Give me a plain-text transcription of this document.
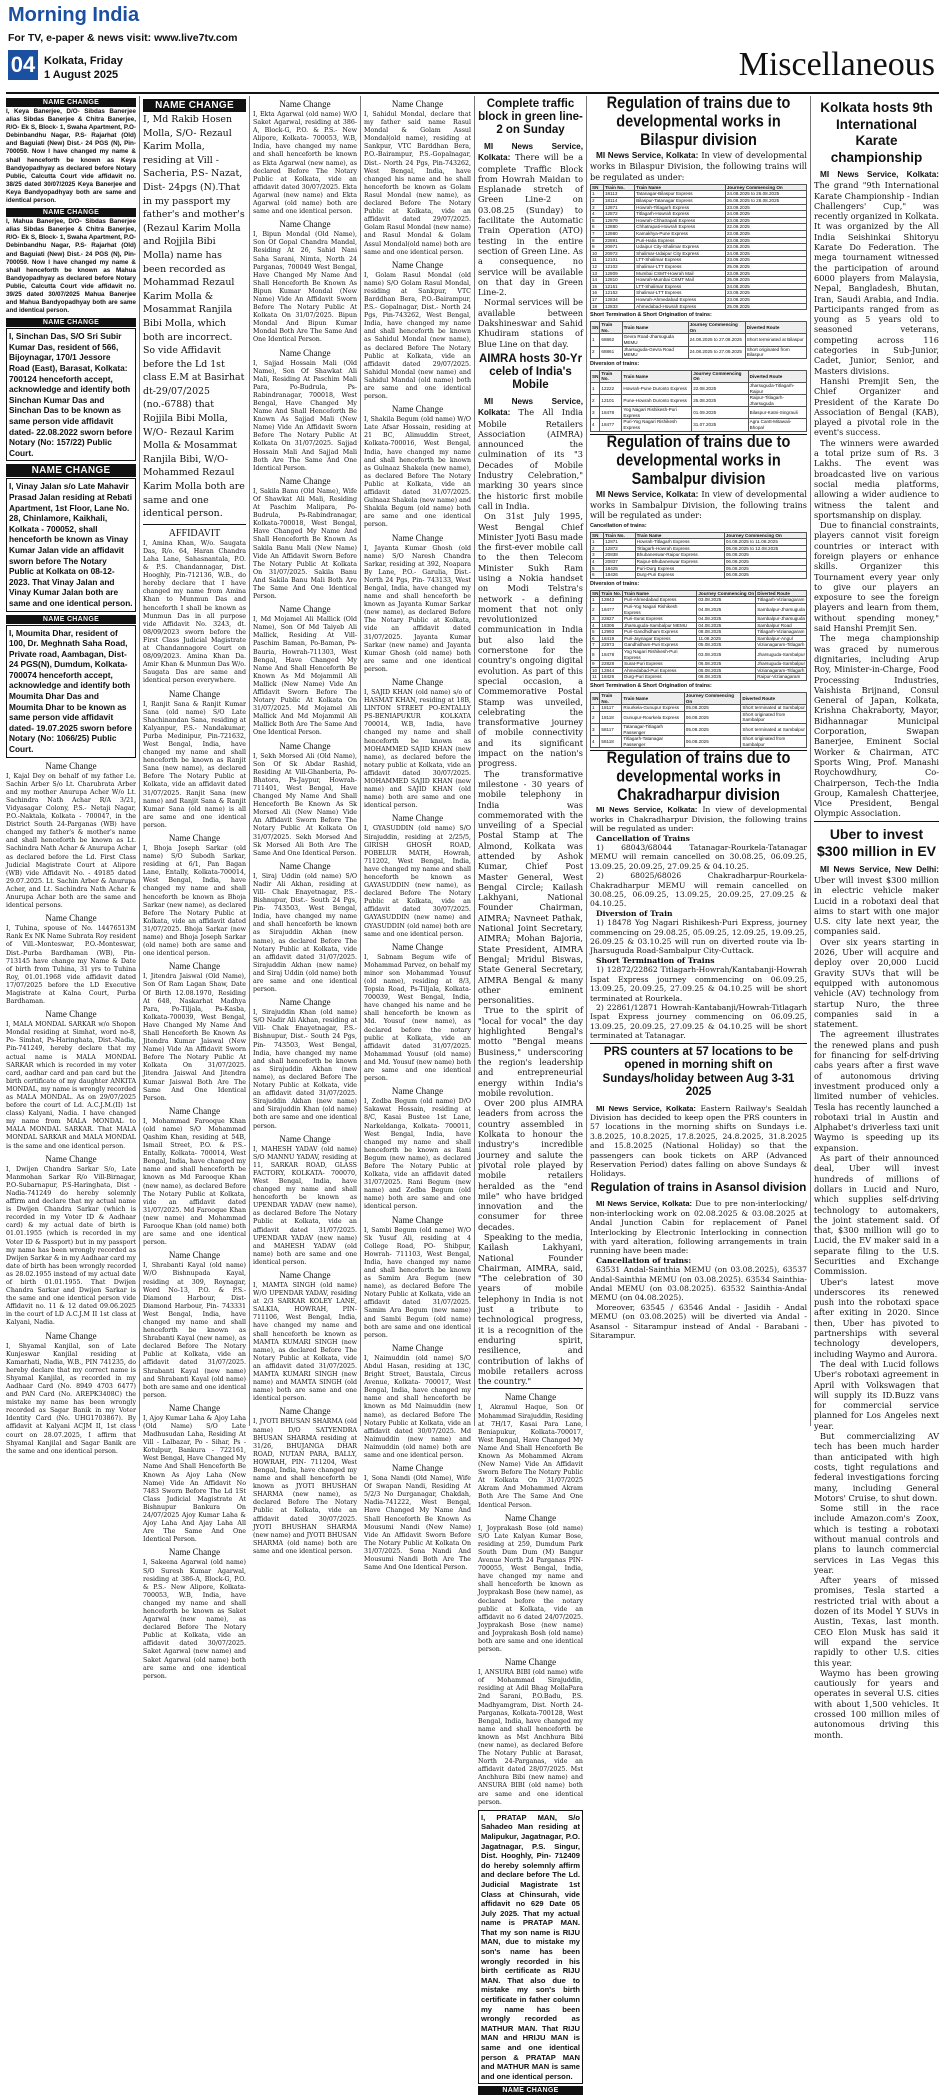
Morning India
For TV, e-paper & news visit: www.live7tv.com
04 Kolkata, Friday
1 August 2025	Miscellaneous
NAME CHANGE
I, Keya Banerjee, D/O- Sibdas Banerjee alias Sibdas Banerjee & Chitra Banerjee, R/O- Ek S, Block- 1, Swaha Apartment, P.O- Debinbandhu Nagar, P.S- Rajarhat (Old) and Baguiati (New) Dist.- 24 PGS (N), Pin- 700059. Now I have changed my name & shall henceforth be known as Keya Bandyopadhyay as declared before Notary Public, Calcutta Court vide affidavit no. 38/25 dated 30/07/2025 Keya Banerjee and Keya Bandyopadhyay both are same and identical person.
NAME CHANGE
I, Mahua Banerjee, D/O- Sibdas Banerjee alias Sibdas Banerjee & Chitra Banerjee, R/O- Ek S, Block- 1, Swaha Apartment, P.O- Debinbandhu Nagar, P.S- Rajarhat (Old) and Baguiati (New) Dist.- 24 PGS (N), Pin- 700059. Now I have changed my name & shall henceforth be known as Mahua Bandyopadhyay as declared before Notary Public, Calcutta Court vide affidavit no. 39/25 dated 30/07/2025 Mahua Banerjee and Mahua Bandyopadhyay both are same and identical person.
NAME CHANGE
I, Sinchan Das, S/O Sri Subir Kumar Das, resident of 566, Bijoynagar, 170/1 Jessore Road (East), Barasat, Kolkata: 700124 henceforth accept, acknowledge and identify both Sinchan Kumar Das and Sinchan Das to be known as same person vide affidavit dated- 22.08.2022 sworn before Notary (No: 157/22) Public Court.
NAME CHANGE
I, Vinay Jalan s/o Late Mahavir Prasad Jalan residing at Rebati Apartment, 1st Floor, Lane No. 28, Chinlamore, Kaikhali, Kolkata - 700052, shall henceforth be known as Vinay Kumar Jalan vide an affidavit sworn before The Notary Public at Kolkata on 08-12-2023. That Vinay Jalan and Vinay Kumar Jalan both are same and one identical person.
NAME CHANGE
I, Moumita Dhar, resident of 100, Dr. Meghnath Saha Road, Private road, Aambagan, Dist- 24 PGS(N), Dumdum, Kolkata- 700074 henceforth accept, acknowledge and identify both Moumita Dhar Das and Moumita Dhar to be known as same person vide affidavit dated- 19.07.2025 sworn before Notary (No: 1066/25) Public Court.
Name Change
I, Kajal Dey on behalf of my father I.e. Sachin Arber S/o Lt. Charubrata Arber and my mother Anurupa Acher W/o Lt. Sachindra Nath Achar R/A 3/21, Vidyasagar Colony, P.S.- Netaji Nagar, P.O.-Naktala, Kolkata - 700047, in the District South 24-Parganas (WB) have changed my father's & mother's name and shall henceforth be known as Lt. Sachindra Nath Achar & Anurupa Achar as declared before the Ld. First Class Judicial Magistrate Court at Alipore (WB) vide Affidavit No. - 49185 dated 29.07.2025. Lt. Sachin Arber & Anurupa Acher, and Lt. Sachindra Nath Achar & Anurupa Achar both are the same and identical persons.
Name Change
I, Tuhina, spouse of No. 14476513M Rank Ex NK Name Subrata Roy resident of Vill.-Monteswar, P.O.-Monteswar, Dist.-Purba Bardhaman (WB), Pin- 713145 have change my Name & Date of birth from Tuhina, 31 yrs to Tuhina Roy, 01.01.1968 vide affidavit dated 17/07/2025 before the LD Executive Magistrate at Kalna Court, Purba Bardhaman.
Name Change
I, MALA MONDAL SARKAR w/o Shopon Mondal residing at Simhat, word no-8, Po- Simhat, Ps-Haringhata, Dist.-Nadia, Pin-741249, hereby declare that my actual name is MALA MONDAL SARKAR which is recorded in my voter card, aadhar card and pan card but the birth certificate of my daughter ANKITA MONDAL, my name is wrongly recorded as MALA MONDAL. As on 29/07/2025 before the court of Ld. A.C.J.M.(II) 1st class) Kalyani, Nadia. I have changed my name from MALA MONDAL to MALA MONDAL SARKAR. That MALA MONDAL SARKAR and MALA MONDAL is the same and one identical person.
Name Change
I, Dwijen Chandra Sarkar S/o, Late Manmohan Sarkar R/o Vill-Birnagar, P.O-Subarnapur, P.S-Haringhata, Dist -Nadia-741249 do hereby solemnly affirm and declare that my actual name is Dwijen Chandra Sarkar (which is recorded in my Voter ID & Aadhaar card) & my actual date of birth is 01.01.1955 (which is recorded in my Voter ID & Passport) but in my passport my name has been wrongly recorded as Dwijen Sarkar & in my Aadhaar card my date of birth has been wrongly recorded as 28.02.1955 instead of my actual date of birth 01.01.1955. That Dwijen Chandra Sarkar and Dwijen Sarkar is the same and one identical person vide Affidavit no. 11 & 12 dated 09.06.2025 in the court of LD A.C.J.M II 1st class at Kalyani, Nadia.
Name Change
I, Shyamal Kanjilal, son of Late Kunjeswar Kanjilal residing at Kamarhati, Nadia, W.B., PIN 741235, do hereby declare that my correct name is Shyamal Kanjilal, as recorded in my Aadhaar Card (No. 8949 4703 6477) and PAN Card (No. AREPK3408C) the mistake my name has been wrongly recorded as Sagar Banik in my Voter Identity Card (No. UHG1703867). By affidavit at Kalyani ACJM II, 1st class court on 28.07.2025, I affirm that Shyamal Kanjilal and Sagar Banik are the same and one identical person.
NAME CHANGE
I, Md Rakib Hosen Molla, S/O- Rezaul Karim Molla, residing at Vill - Sacheria, P.S- Nazat, Dist- 24pgs (N).That in my passport my father's and mother's (Rezaul Karim Molla and Rojjila Bibi Molla) name has been recorded as Mohammad Rezaul Karim Molla & Mosammat Ranjila Bibi Molla, which both are incorrect. So vide Affidavit before the Ld 1st class E.M at Basirhat dt-29/07/2025 (no.-6788) that Rojjila Bibi Molla, W/O- Rezaul Karim Molla & Mosammat Ranjila Bibi, W/O- Mohammed Rezaul Karim Molla both are same and one identical person.
AFFIDAVIT
I, Amina Khan, W/o. Saugata Das, R/o. 64, Haran Chandra Laha Lane, Sahasnantala, P.O. & P.S. Chandannagar, Dist. Hooghly, Pin-712136, W.B., do hereby declare that I have changed my name from Amina Khan to Munmun Das and henceforth I shall be known as Munmun Das in all purpose vide Affidavit No. 3243, dt. 08/09/2023 sworn before the First Class Judicial Magistrate at Chandannagore Court on 08/09/2023. Amina Khan Da. Amir Khan & Munmun Das W/o. Saugata Das are same and identical person everywhere.
Name Change
I, Ranjit Sana & Ranjit Kumar Sana (old name) S/O Late Shachinandan Sana, residing at Kalyanpur, P.S.- Nandakumar, Purba Medinipur, Pin-721632, West Bengal, India, have changed my name and shall henceforth be known as Ranjit Sana (new name), as declared Before The Notary Public at Kolkata, vide an affidavit dated 31/07/2025. Ranjit Sana (new name) and Ranjit Sana & Ranjit Kumar Sana (old name) is all are same and one identical person.
Name Change
I, Bhoja Joseph Sarkar (old name) S/O Subodh Sarkar, residing at 6/1, Pan Bagan Lane, Entally, Kolkata-700014, West Bengal, India, have changed my name and shall henceforth be known as Bhoja Sarkar (new name), as declared Before The Notary Public at Kolkata, vide an affidavit dated 31/07/2025. Bhoja Sarkar (new name) and Bhoja Joseph Sarkar (old name) both are same and one identical person.
Name Change
I, Jitendra Jaiswal (Old Name), Son Of Ram Lagan Shaw, Date Of Birth 12.08.1970, Residing At 648, Naskarhat Madhya Para, Po-Tiljala, Ps-Kasba, Kolkata-700039, West Bengal, Have Changed My Name And Shall Henceforth Be Known As Jitendra Kumar Jaiswal (New Name) Vide An Affidavit Sworn Before The Notary Public At Kolkata On 31/07/2025. Jitendra Jaiswal And Jitendra Kumar Jaiswal Both Are The Same And One Identical Person.
Name Change
I, Mohammad Farooque Khan (old name) S/O Mohammad Qashim Khan, residing at 54B, Ismail Street, P.O. & P.S.- Entally, Kolkata- 700014, West Bengal, India, have changed my name and shall henceforth be known as Md Farooque Khan (new name), as declared Before The Notary Public at Kolkata, vide an affidavit dated 31/07/2025. Md Farooque Khan (new name) and Mohammad Farooque Khan (old name) both are same and one identical person.
Name Change
I, Shrabanti Kayal (old name) W/O Bishnupada Kayal, residing at 309, Roynagar, Word No-13, P.O. & P.S.- Diamond Harbour, Dist- Diamond Harbour, Pin- 743331 West Bengal, India, have changed my name and shall henceforth be known as Shrabanti Kayal (new name), as declared Before The Notary Public at Kolkata, vide an affidavit dated 31/07/2025. Shrabanti Kayal (new name) and Shrabanti Kayal (old name) both are same and one identical person.
Name Change
I, Ajoy Kumar Laha & Ajoy Laha (Old Name) S/O Late Madhusudan Laha, Residing At Vill - Lalbazar, Po - Sihar, Ps - Kotulpur, Bankura - 722161, West Bengal, Have Changed My Name And Shall Henceforth Be Known As Ajoy Laha (New Name) Vide An Affidavit No 7483 Sworn Before The Ld 1St Class Judicial Magistrate At Bishnupur Bankura On 24/07/2025 Ajoy Kumar Laha & Ajoy Laha And Ajay Laha All Are The Same And One Identical Person.
Name Change
I, Sakeena Agarwal (old name) S/O Suresh Kumar Agarwal, residing at 386-A, Block-G, P.O. & P.S.- New Alipore, Kolkata- 700053, W.B, India, have changed my name and shall henceforth be known as Saket Agarwal (new name), as declared Before The Notary Public at Kolkata, vide an affidavit dated 30/07/2025. Saket Agarwal (new name) and Saket Agarwal (old name) both are same and one identical person.
Name Change
I, Ekta Agarwal (old name) W/O Saket Agarwal, residing at 386-A, Block-G, P.O. & P.S.- New Alipore, Kolkata- 700053, W.B, India, have changed my name and shall henceforth be known as Ekta Agarwal (new name), as declared Before The Notary Public at Kolkata, vide an affidavit dated 30/07/2025. Ekta Agarwal (new name) and Ekta Agarwal (old name) both are same and one identical person.
Name Change
I, Bipun Mondal (Old Name), Son Of Gopal Chandra Mandal, Residing At 26, Sahid Nani Saha Sarani, Nimta, North 24 Parganas, 700049 West Bengal, Have Changed My Name And Shall Henceforth Be Known As Bipun Kumar Mondal (New Name) Vide An Affidavit Sworn Before The Notary Public At Kolkata On 31/07/2025. Bipun Mondal And Bipun Kumar Mondal Both Are The Same And One Identical Person.
Name Change
I, Sajjad Hossain Mali (Old Name), Son Of Shawkat Ali Mali, Residing At Paschim Mali Para, Po-Budrula, Ps-Rabindranagar, 700018, West Bengal, Have Changed My Name And Shall Henceforth Be Known As Sajjad Mali (New Name) Vide An Affidavit Sworn Before The Notary Public At Kolkata On 31/07/2025. Sajjad Hossain Mali And Sajjad Mali Both Are The Same And One Identical Person.
Name Change
I, Sakila Banu (Old Name), Wife Of Shawkat Ali Mali, Residing At Paschim Malipara, Po-Budrula, Ps-Rabindranagar, Kolkata-700018, West Bengal, Have Changed My Name And Shall Henceforth Be Known As Sakila Banu Mali (New Name) Vide An Affidavit Sworn Before The Notary Public At Kolkata On 31/07/2025. Sakila Banu And Sakila Banu Mali Both Are The Same And One Identical Person.
Name Change
I, Md Mojamel Ali Mallick (Old Name), Son Of Md Taiyeb Ali Mallick, Residing At Vill-Paschim Baman, Po-Baman, Ps-Bauria, Howrah-711303, West Bengal, Have Changed My Name And Shall Henceforth Be Known As Md Mojammil Ali Mallick (New Name) Vide An Affidavit Sworn Before The Notary Public At Kolkata On 31/07/2025. Md Mojamel Ali Mallick And Md Mojammil Ali Mallick Both Are The Same And One Identical Person.
Name Change
I, Sekh Morsed Ali (Old Name), Son Of Sk Abdar Rashid, Residing At Vill-Ghanberia, Po-Bhatora, Ps-Jaypur, Howrah-711401, West Bengal, Have Changed My Name And Shall Henceforth Be Known As Sk Morsed Ali (New Name) Vide An Affidavit Sworn Before The Notary Public At Kolkata On 31/07/2025. Sekh Morsed And Sk Morsed Ali Both Are The Same And One Identical Person.
Name Change
I, Siraj Uddin (old name) S/O Nadir Ali Akhan, residing at Vill- Chak Enayetnagar, P.S.- Bishnupur, Dist.- South 24 Pgs, Pin- 743503, West Bengal, India, have changed my name and shall henceforth be known as Sirajuddin Akhan (new name), as declared Before The Notary Public at Kolkata, vide an affidavit dated 31/07/2025. Sirajuddin Akhan (new name) and Siraj Uddin (old name) both are same and one identical person.
Name Change
I, Sirajuddin Khan (old name) S/O Nadir Ali Akhan, residing at Vill- Chak Enayetnagar, P.S.- Bishnupur, Dist.- South 24 Pgs, Pin- 743503, West Bengal, India, have changed my name and shall henceforth be known as Sirajuddin Akhan (new name), as declared Before The Notary Public at Kolkata, vide an affidavit dated 31/07/2025. Sirajuddin Akhan (new name) and Sirajuddin Khan (old name) both are same and one identical person.
Name Change
I, MAHESH YADAV (old name) S/O MANNU YADAV, residing at 11, SARKAR ROAD, GLASS FACTORY, KOLKATA- 700070, West Bengal, India, have changed my name and shall henceforth be known as UPENDAR YADAV (new name), as declared Before The Notary Public at Kolkata, vide an affidavit dated 31/07/2025. UPENDAR YADAV (new name) and MAHESH YADAV (old name) both are same and one identical person.
Name Change
I, MAMTA SINGH (old name) W/O UPENDAR YADAV, residing at 2/3 SARKAR KOLEY LANE, SALKIA, HOWRAH, PIN- 711106, West Bengal, India, have changed my name and shall henceforth be known as MAMTA KUMARI SINGH (new name), as declared Before The Notary Public at Kolkata, vide an affidavit dated 31/07/2025. MAMTA KUMARI SINGH (new name) and MAMTA SINGH (old name) both are same and one identical person.
Name Change
I, JYOTI BHUSAN SHARMA (old name) D/O SATYENDRA BHUSAN SHARMA residing at 31/26, BHUJANGA DHAR ROAD, NUTAN PARA, BALLY, HOWRAH, PIN- 711204, West Bengal, India, have changed my name and shall henceforth be known as JYOTI BHUSHAN SHARMA (new name), as declared Before The Notary Public at Kolkata, vide an affidavit dated 30/07/2025. JYOTI BHUSHAN SHARMA (new name) and JYOTI BHUSAN SHARMA (old name) both are same and one identical person.
Name Change
I, Sahidul Mondal, declare that my father said name Rasul Mondal & Golam Assul Mondal(old name), residing at Sankpur, VTC Barddhan Bera, P.O.-Bairampur, P.S.-Gopalnagar, Dist.- North 24 Pgs, Pin-743262, West Bengal, India, have changed his name and he shall henceforth be known as Golam Rasul Mondal (new name), as declared Before The Notary Public at Kolkata, vide an affidavit dated 29/07/2025. Golam Rasul Mondal (new name) and Rasul Mondal & Golam Assul Mondal(old name) both are same and one identical person.
Name Change
I, Golam Rasul Mondal (old name) S/O Golam Rasul Mondal, residing at Sankpur, VTC Barddhan Bera, P.O.-Bairampur, P.S.- Gopalnagar, Dist.- North 24 Pgs, Pin-743262, West Bengal, India, have changed my name and shall henceforth be known as Sahidul Mondal (new name), as declared Before The Notary Public at Kolkata, vide an affidavit dated 29/07/2025. Sahidul Mondal (new name) and Sahidul Mandal (old name) both are same and one identical person.
Name Change
I, Shakila Begum (old name) W/O Late Afsar Hossain, residing at 21 BC, Alimuddin Street, Kolkata-700016, West Bengal, India, have changed my name and shall henceforth be known as Gulnaaz Shakela (new name), as declared Before The Notary Public at Kolkata, vide an affidavit dated 31/07/2025. Gulnaaz Shakela (new name) and Shakila Begum (old name) both are same and one identical person.
Name Change
I, Jayanta Kumar Ghosh (old name) S/O Naresh Chandra Sarkar, residing at 392, Noapara By Lane, P.O.- Garulia, Dist.- North 24 Pgs, Pin- 743133, West Bengal, India, have changed my name and shall henceforth be known as Jayanta Kumar Sarkar (new name), as declared Before The Notary Public at Kolkata, vide an affidavit dated 31/07/2025. Jayanta Kumar Sarkar (new name) and Jayanta Kumar Ghosh (old name) both are same and one identical person.
Name Change
I, SAJID KHAN (old name) s/o of HASMAT KHAN, residing at 18B, LINTON STREET PO-ENTALLY PS-BENIAPUKUR KOLKATA 700014, W.B, India, have changed my name and shall henceforth be known as MOHAMMED SAJID KHAN (new name), as declared before the notary public at Kolkata, vide an affidavit dated 30/07/2025. MOHAMMED SAJID KHAN (new name) and SAJID KHAN (old name) both are same and one identical person.
Name Change
I, GYASUDDIN (old name) S/O Sirajuddin, residing at 2/25/5, GIRISH GHOSH ROAD, POBELUR MATH, Howrah, 711202, West Bengal, India, have changed my name and shall henceforth be known as GAYASUDDIN (new name), as declared Before The Notary Public at Kolkata, vide an affidavit dated 30/07/2025. GAYASUDDIN (new name) and GYASUDDIN (old name) both are same and one identical person.
Name Change
I, Sabnam Begum wife of Mohammad Parvez, on behalf my minor son Mohammad Yousuf (old name), residing at 8/3, Topsia Road, Ps-Tiljala, Kolkata-700039, West Bengal, India, have changed his name and he shall henceforth be known as Md. Yousuf (new name), as declared before the notary public at Kolkata, vide an affidavit dated 31/07/2025. Mohammad Yousuf (old name) and Md. Yousuf (new name) both are same and one identical person.
Name Change
I, Zedba Begum (old name) D/O Sakawat Hossain, residing at 8/C, Kasai Bustee 1st Lane, Narkeldanga, Kolkata- 700011, West Bengal, India, have changed my name and shall henceforth be known as Rani Begum (new name), as declared Before The Notary Public at Kolkata, vide an affidavit dated 31/07/2025. Rani Begum (new name) and Zedba Begum (old name) both are same and one identical person.
Name Change
I, Sambi Begum (old name) W/O Sk Yusuf Ali, residing at 4 College Road, PO- Shibpur, Howrah- 711103, West Bengal, India, have changed my name and shall henceforth be known as Samim Ara Begum (new name), as declared Before The Notary Public at Kolkata, vide an affidavit dated 31/07/2025. Samim Ara Begum (new name) and Sambi Begum (old name) both are same and one identical person.
Name Change
I, Naimuddin (old name) S/O Abdul Hasan, residing at 13C, Bright Street, Baustala, Circus Avenue, Kolkata- 700017, West Bengal, India, have changed my name and shall henceforth be known as Md Naimuddin (new name), as declared Before The Notary Public at Kolkata, vide an affidavit dated 30/07/2025. Md Naimuddin (new name) and Naimuddin (old name) both are same and one identical person.
Name Change
I, Sona Nandi (Old Name), Wife Of Swapan Nandi, Residing At 5/2/3 No Durganagar, Chakdah, Nadia-741222, West Bengal, Have Changed My Name And Shall Henceforth Be Known As Mousumi Nandi (New Name) Vide An Affidavit Sworn Before The Notary Public At Kolkata On 31/07/2025. Sona Nandi And Mousumi Nandi Both Are The Same And One Identical Person.
Complete traffic block in green line-2 on Sunday

MI News Service, Kolkata: There will be a complete Traffic Block from Howrah Maidan to Esplanade stretch of Green Line-2 on 03.08.25 (Sunday) to facilitate the Automatic Train Operation (ATO) testing in the entire section of Green Line. As a consequence, no service will be available on that day in Green Line-2.

Normal services will be available between Dakshineswar and Sahid Khudiram stations of Blue Line on that day.

AIMRA hosts 30-Yr celeb of India's Mobile

MI News Service, Kolkata: The All India Mobile Retailers Association (AIMRA) announced the culmination of its "3 Decades of Mobile Industry Celebration," marking 30 years since the historic first mobile call in India.

On 31st July 1995, West Bengal Chief Minister Jyoti Basu made the first-ever mobile call to the then Telecom Minister Sukh Ram using a Nokia handset on Modi Telstra's network - a defining moment that not only revolutionized communication in India but also laid the cornerstone for the country's ongoing digital evolution. As part of this special occasion, a Commemorative Postal Stamp was unveiled, celebrating the transformative journey of mobile connectivity and its significant impact on the nation's progress.

The transformative milestone - 30 years of mobile telephony in India was commemorated with the unveiling of a Special Postal Stamp at The Almond, Kolkata was attended by Ashok Kumar, Chief Post Master General, West Bengal Circle; Kailash Lakhyani, National Founder Chairman, AIMRA; Navneet Pathak, National Joint Secretary, AIMRA; Mohan Bajoria, State President, AIMRA Bengal; Mridul Biswas, State General Secretary, AIMRA Bengal & many other eminent personalities.

True to the spirit of "local for vocal" the day highlighted Bengal's motto "Bengal means Business," underscoring the region's leadership and entrepreneurial energy within India's mobile revolution.

Over 200 plus AIMRA leaders from across the country assembled in Kolkata to honour the industry's incredible journey and salute the pivotal role played by mobile retailers heralded as the "end mile" who have bridged innovation and the consumer for three decades.

Speaking to the media, Kailash Lakhyani, National Founder Chairman, AIMRA, said, "The celebration of 30 years of mobile telephony in India is not just a tribute to technological progress, it is a recognition of the enduring spirit, resilience, and contribution of lakhs of mobile retailers across the country."

Name Change
I, Akramul Haque, Son Of Mohammad Sirajuddin, Residing at 7H/17, Kasai Para Lane, Beniapukur, Kolkata-700017, West Bengal, Have Changed My Name And Shall Henceforth Be Known As Mohammed Akram (New Name) Vide An Affidavit Sworn Before The Notary Public At Kolkata On 31/07/2025 Akram And Mohammed Akram Both Are The Same And One Identical Person.
Name Change
I, Joyprakash Bose (old name) S/O Late Kalyan Kumar Bose, residing at 259, Dumdum Park South Dum Dum (M) Bangur Avenue North 24 Parganas PIN-700055, West Bengal, India, have changed my name and shall henceforth be known as Joyprakash Bose (new name), as declared before the notary public at Kolkata, vide an affidavit no 6 dated 24/07/2025. Joyprakash Bose (new name) and Joyprakash Bosh (old name) both are same and one identical person.
Name Change
I, ANSURA BIBI (old name) wife of Mohammad Sirajuddin, residing at Adil Bhag MollaPara 2nd Sarani, P.O.Badu, P.S. Madhyamgram, Dist. North 24-Parganas, Kolkata-700128, West Bengal, India, have changed my name and shall henceforth be known as Mst Anchhura Bibi (new name), as declared Before The Notary Public at Barasat, North 24-Parganas, vide an affidavit dated 28/07/2025. Mst Anchhura Bibi (new name) and ANSURA BIBI (old name) both are same and one identical person.
I, PRATAP MAN, S/o Sahadeo Man residing at Malipukur, Jagatnagar, P.O. Jagatnagar, P.S. Singur, Dist. Hooghly, Pin- 712409 do hereby solemnly affirm and declare before The Ld. Judicial Magistrate 1st Class at Chinsurah, vide affidavit no 629 Date 05 July 2025. That my actual name is PRATAP MAN. That my son name is RIJU MAN, due to mistake my son's name has been wrongly recorded in his birth certificate as RIJU MAN. That also due to mistake my son's birth certificate in father column my name has been wrongly recorded as MATHUR MAN. That RIJU MAN and HRIJU MAN is same and one identical person & PRATAP MAN and MATHUR MAN is same and one identical person.
NAME CHANGE
Regulation of trains due to developmental works in Bilaspur division

MI News Service, Kolkata: In view of developmental works in Bilaspur Division, the following trains will be regulated as under:

SN	Train No.	Train Name	Journey Commencing On
1	18113	Tatanagar-Bilaspur Express	24.08.2025 to 26.08.2025
2	18114	Bilaspur-Tatanagar Express	26.08.2025 to 28.08.2025
3	12871	Howrah-Titlagarh Express	23.09.2025
4	12872	Titlagarh-Howrah Express	24.09.2025
5	12879	Howrah-Chhatrapati Express	23.08.2025
6	12880	Chhatrapati-Howrah Express	22.09.2025
7	12880	Kamakhya-Pune Express	23.08.2025
8	22891	Puri-Hatia Express	23.08.2025
9	20971	Udaipur City-Shalimar Express	23.08.2025
10	20972	Shalimar-Udaipur City Express	24.08.2025
11	12101	LTT-Shalimar Express	23.09.2025
12	12102	Shalimar-LTT Express	25.09.2025
13	12809	Mumbai CSMT-Howrah Mail	23.09.2025
14	12810	Howrah-Mumbai CSMT Mail	25.09.2025
15	12151	LTT-Shalimar Express	24.08.2025
16	12152	Shalimar-LTT Express	23.09.2025
17	12834	Howrah-Ahmedabad Express	23.08.2025
18	12833	Ahmedabad-Howrah Express	25.09.2025
Short Termination & Short Origination of trains:
SN	Train No.	Train Name	Journey Commencing On	Diverted Route
1	68862	Gevra Road-Jharsuguda MEMU	24.08.2025 to 27.08.2025	Short terminated at Bilaspur
2	68861	Jharsuguda-Gevra Road MEMU	24.08.2025 to 27.08.2025	Short originated from Bilaspur
Diversion of trains:
SN	Train No.	Train Name	Journey Commencing On	Diverted Route
1	12222	Howrah-Pune Duronto Express	22.08.2025	Jharsuguda-Titlagarh-Raipur
2	12101	Pune-Howrah Duronto Express	25.08.2025	Raipur-Titlagarh-Jharsuguda
3	18478	Yog Nagari Rishikesh-Puri Express	01.09.2025	Bilaspur-Katni-Singrauli
4	18477	Puri-Yog Nagari Rishikesh Express	31.07.2025	Agra Cantt-Mitawali-Bhopal
Regulation of trains due to developmental works in Sambalpur division

MI News Service, Kolkata: In view of developmental works in Sambalpur Division, the following trains will be regulated as under:

Cancellation of trains:
SN	Train No.	Train Name	Journey Commencing On
1	12871	Howrah-Titlagarh Express	04.08.2025 to 11.08.2025
2	12872	Titlagarh-Howrah Express	05.08.2025 to 12.08.2025
3	20838	Bhubaneswar-Raipur Express	05.08.2025
4	20837	Raipur-Bhubaneswar Express	06.08.2025
5	18425	Puri-Durg Express	05.08.2025
6	18426	Durg-Puri Express	06.08.2025
Diversion of trains:
SN	Train No.	Train Name	Journey Commencing On	Diverted Route
1	12843	Puri-Ahmedabad Express	03.08.2025	Titlagarh-Vizianagaram
2	18477	Puri-Yog Nagari Rishikesh Express	04.08.2025	Sambalpur-Jharsuguda
3	22827	Puri-Surat Express	04.08.2025	Sambalpur-Jharsuguda
4	18306	Jharsuguda-Sambalpur MEMU	04.08.2025	Sambalpur Road
5	12993	Puri-Gandhidham Express	08.08.2025	Titlagarh-Vizianagaram
6	18419	Puri-Jaynagar Express	11.08.2025	Sambalpur-Angul
7	22973	Gandhidham-Puri Express	05.08.2025	Vizianagaram-Titlagarh
8	18478	Yog Nagari Rishikesh-Puri Express	03.08.2025	Jharsuguda-Sambalpur
9	22828	Surat-Puri Express	06.08.2025	Jharsuguda-Sambalpur
10	12844	Ahmedabad-Puri Express	05.08.2025	Vizianagaram-Titlagarh
11	18426	Durg-Puri Express	06.08.2025	Raipur-Vizianagaram
Short Termination & Short Origination of trains:
SN	Train No.	Train Name	Journey Commencing On	Diverted Route
1	18117	Rourkela-Gunupur Express	05.08.2025	Short terminated at Sambalpur
2	18118	Gunupur-Rourkela Express	06.08.2025	Short originated from Sambalpur
3	58117	Tatanagar-Titlagarh Passenger	05.08.2025	Short terminated at Sambalpur
4	58118	Titlagarh-Tatanagar Passenger	06.08.2025	Short originated from Sambalpur
Regulation of trains due to developmental works in Chakradharpur division

MI News Service, Kolkata: In view of developmental works in Chakradharpur Division, the following trains will be regulated as under:

Cancellation of Trains

1) 68043/68044 Tatanagar-Rourkela-Tatanagar MEMU will remain cancelled on 30.08.25, 06.09.25, 13.09.25, 20.09.25, 27.09.25 & 04.10.25.

2) 68025/68026 Chakradharpur-Rourkela-Chakradharpur MEMU will remain cancelled on 30.08.25, 06.09.25, 13.09.25, 20.09.25, 27.09.25 & 04.10.25.

Diversion of Train

1) 18478 Yog Nagari Rishikesh-Puri Express, journey commencing on 29.08.25, 05.09.25, 12.09.25, 19.09.25, 26.09.25 & 03.10.25 will run on diverted route via Ib-Jharsuguda Road-Sambalpur City-Cuttack.

Short Termination of Trains

1) 12872/22862 Titlagarh-Howrah/Kantabanji-Howrah Ispat Express journey commencing on 06.09.25, 13.09.25, 20.09.25, 27.09.25 & 04.10.25 will be short terminated at Rourkela.

2) 22861/12871 Howrah-Kantabanji/Howrah-Titlagarh Ispat Express journey commencing on 06.09.25, 13.09.25, 20.09.25, 27.09.25 & 04.10.25 will be short terminated at Tatanagar.

PRS counters at 57 locations to be opened in morning shift on Sundays/holiday between Aug 3-31 2025

MI News Service, Kolkata: Eastern Railway's Sealdah Division has decided to keep open the PRS counters in 57 locations in the morning shifts on Sundays i.e. 3.8.2025, 10.8.2025, 17.8.2025, 24.8.2025, 31.8.2025 and 15.8.2025 (National Holiday) so that the passengers can book tickets on ARP (Advanced Reservation Period) dates falling on above Sundays & Holidays.

Regulation of trains in Asansol division

MI News Service, Kolkata: Due to pre non-interlocking/ non-interlocking work on 02.08.2025 & 03.08.2025 at Andal Junction Cabin for replacement of Panel Interlocking by Electronic Interlocking in connection with yard alteration, following arrangements in train running have been made:

Cancellation of trains:

63531 Andal-Sainthia MEMU (on 03.08.2025), 63537 Andal-Sainthia MEMU (on 03.08.2025). 63534 Sainthia-Andal MEMU (on 03.08.2025). 63532 Sainthia-Andal MEMU (on 04.08.2025).

Moreover, 63545 / 63546 Andal - Jasidih - Andal MEMU (on 03.08.2025) will be diverted via Andal - Asansol - Sitarampur instead of Andal - Barabani - Sitarampur.

Kolkata hosts 9th International Karate championship

MI News Service, Kolkata: The grand "9th International Karate Championship - Indian Challengers' Cup," was recently organized in Kolkata. It was organized by the All India Seishinkai Shitoryu Karate Do Federation. The mega tournament witnessed the participation of around 6000 players from Malaysia, Nepal, Bangladesh, Bhutan, Iran, Saudi Arabia, and India. Participants ranged from as young as 5 years old to seasoned veterans, competing across 116 categories in Sub-Junior, Cadet, Junior, Senior, and Masters divisions.

Hanshi Premjit Sen, the Chief Organizer and President of the Karate Do Association of Bengal (KAB), played a pivotal role in the event's success.

The winners were awarded a total prize sum of Rs. 3 Lakhs. The event was broadcasted live on various social media platforms, allowing a wider audience to witness the talent and sportsmanship on display.

Due to financial constraints, players cannot visit foreign countries or interact with foreign players or enhance skills. Organizer this Tournament every year only to give our players an exposure to see the foreign players and learn from them, without spending money," said Hanshi Premjit Sen.

The mega championship was graced by numerous dignitaries, including Arup Roy, Minister-in-Charge, Food Processing Industries, Vaishista Brijnand, Consul General of Japan, Kolkata, Krishna Chakraborty, Mayor, Bidhannagar Municipal Corporation, Swapan Banerjee, Eminent Social Worker & Chairman, ATC Sports Wing, Prof. Manashi Roychowdhury, Co-Chairperson, Tech-the India Group, Kamalesh Chatterjee, Vice President, Bengal Olympic Association.

Uber to invest $300 million in EV

MI News Service, New Delhi: Uber will invest $300 million in electric vehicle maker Lucid in a robotaxi deal that aims to start with one major U.S. city late next year, the companies said.

Over six years starting in 2026, Uber will acquire and deploy over 20,000 Lucid Gravity SUVs that will be equipped with autonomous vehicle (AV) technology from startup Nuro, the three companies said in a statement.

The agreement illustrates the renewed plans and push for financing for self-driving cabs years after a first wave of autonomous driving investment produced only a limited number of vehicles. Tesla has recently launched a robotaxi trial in Austin and Alphabet's driverless taxi unit Waymo is speeding up its expansion.

As part of their announced deal, Uber will invest hundreds of millions of dollars in Lucid and Nuro, which supplies self-driving technology to automakers, the joint statement said. Of that, $300 million will go to Lucid, the EV maker said in a separate filing to the U.S. Securities and Exchange Commission.

Uber's latest move underscores its renewed push into the robotaxi space after exiting in 2020. Since then, Uber has pivoted to partnerships with several technology developers, including Waymo and Aurora.

The deal with Lucid follows Uber's robotaxi agreement in April with Volkswagen that will supply its ID.Buzz vans for commercial service planned for Los Angeles next year.

But commercializing AV tech has been much harder than anticipated with high costs, tight regulations and federal investigations forcing many, including General Motors' Cruise, to shut down.

Some still in the race include Amazon.com's Zoox, which is testing a robotaxi without manual controls and plans to launch commercial services in Las Vegas this year.

After years of missed promises, Tesla started a restricted trial with about a dozen of its Model Y SUVs in Austin, Texas, last month. CEO Elon Musk has said it will expand the service rapidly to other U.S. cities this year.

Waymo has been growing cautiously for years and operates in several U.S. cities with about 1,500 vehicles. It crossed 100 million miles of autonomous driving this month.
